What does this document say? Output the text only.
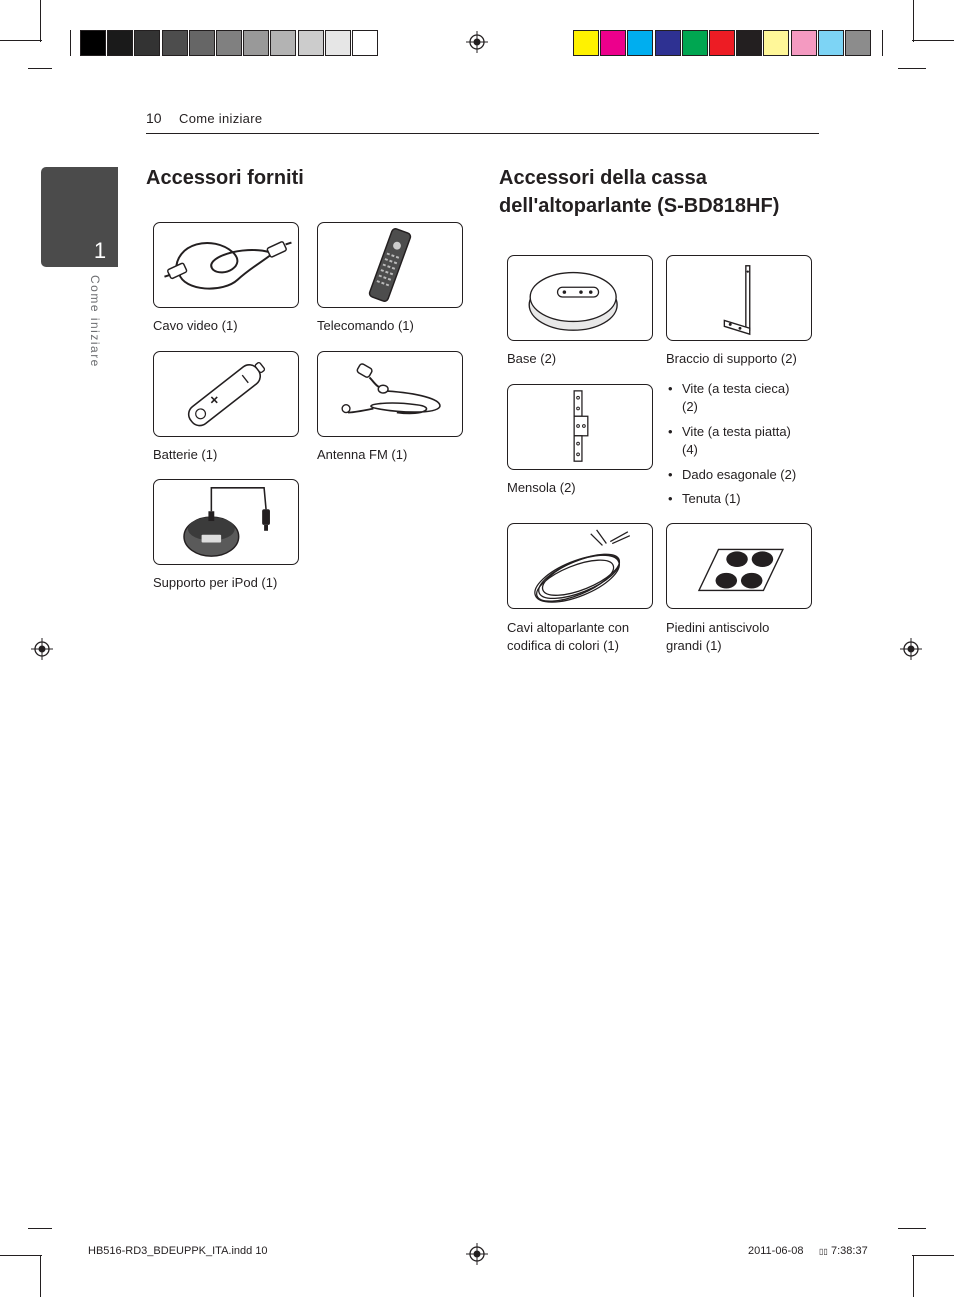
10 Come iniziare
1
Come iniziare
Accessori forniti
Cavo video (1)	Telecomando (1)
Batterie (1)	Antenna FM (1)
Supporto per iPod (1)
Accessori della cassa
dell'altoparlante (S-BD818HF)
Base (2)	Braccio di supporto (2)
Mensola (2)
• Vite (a testa cieca)
(2)
• Vite (a testa piatta)
(4)
• Dado esagonale (2)
• Tenuta (1)
Cavi altoparlante con
codifica di colori (1)
Piedini antiscivolo
grandi (1)
HB516-RD3_BDEUPPK_ITA.indd 10	2011-06-08 ▯▯ 7:38:37
